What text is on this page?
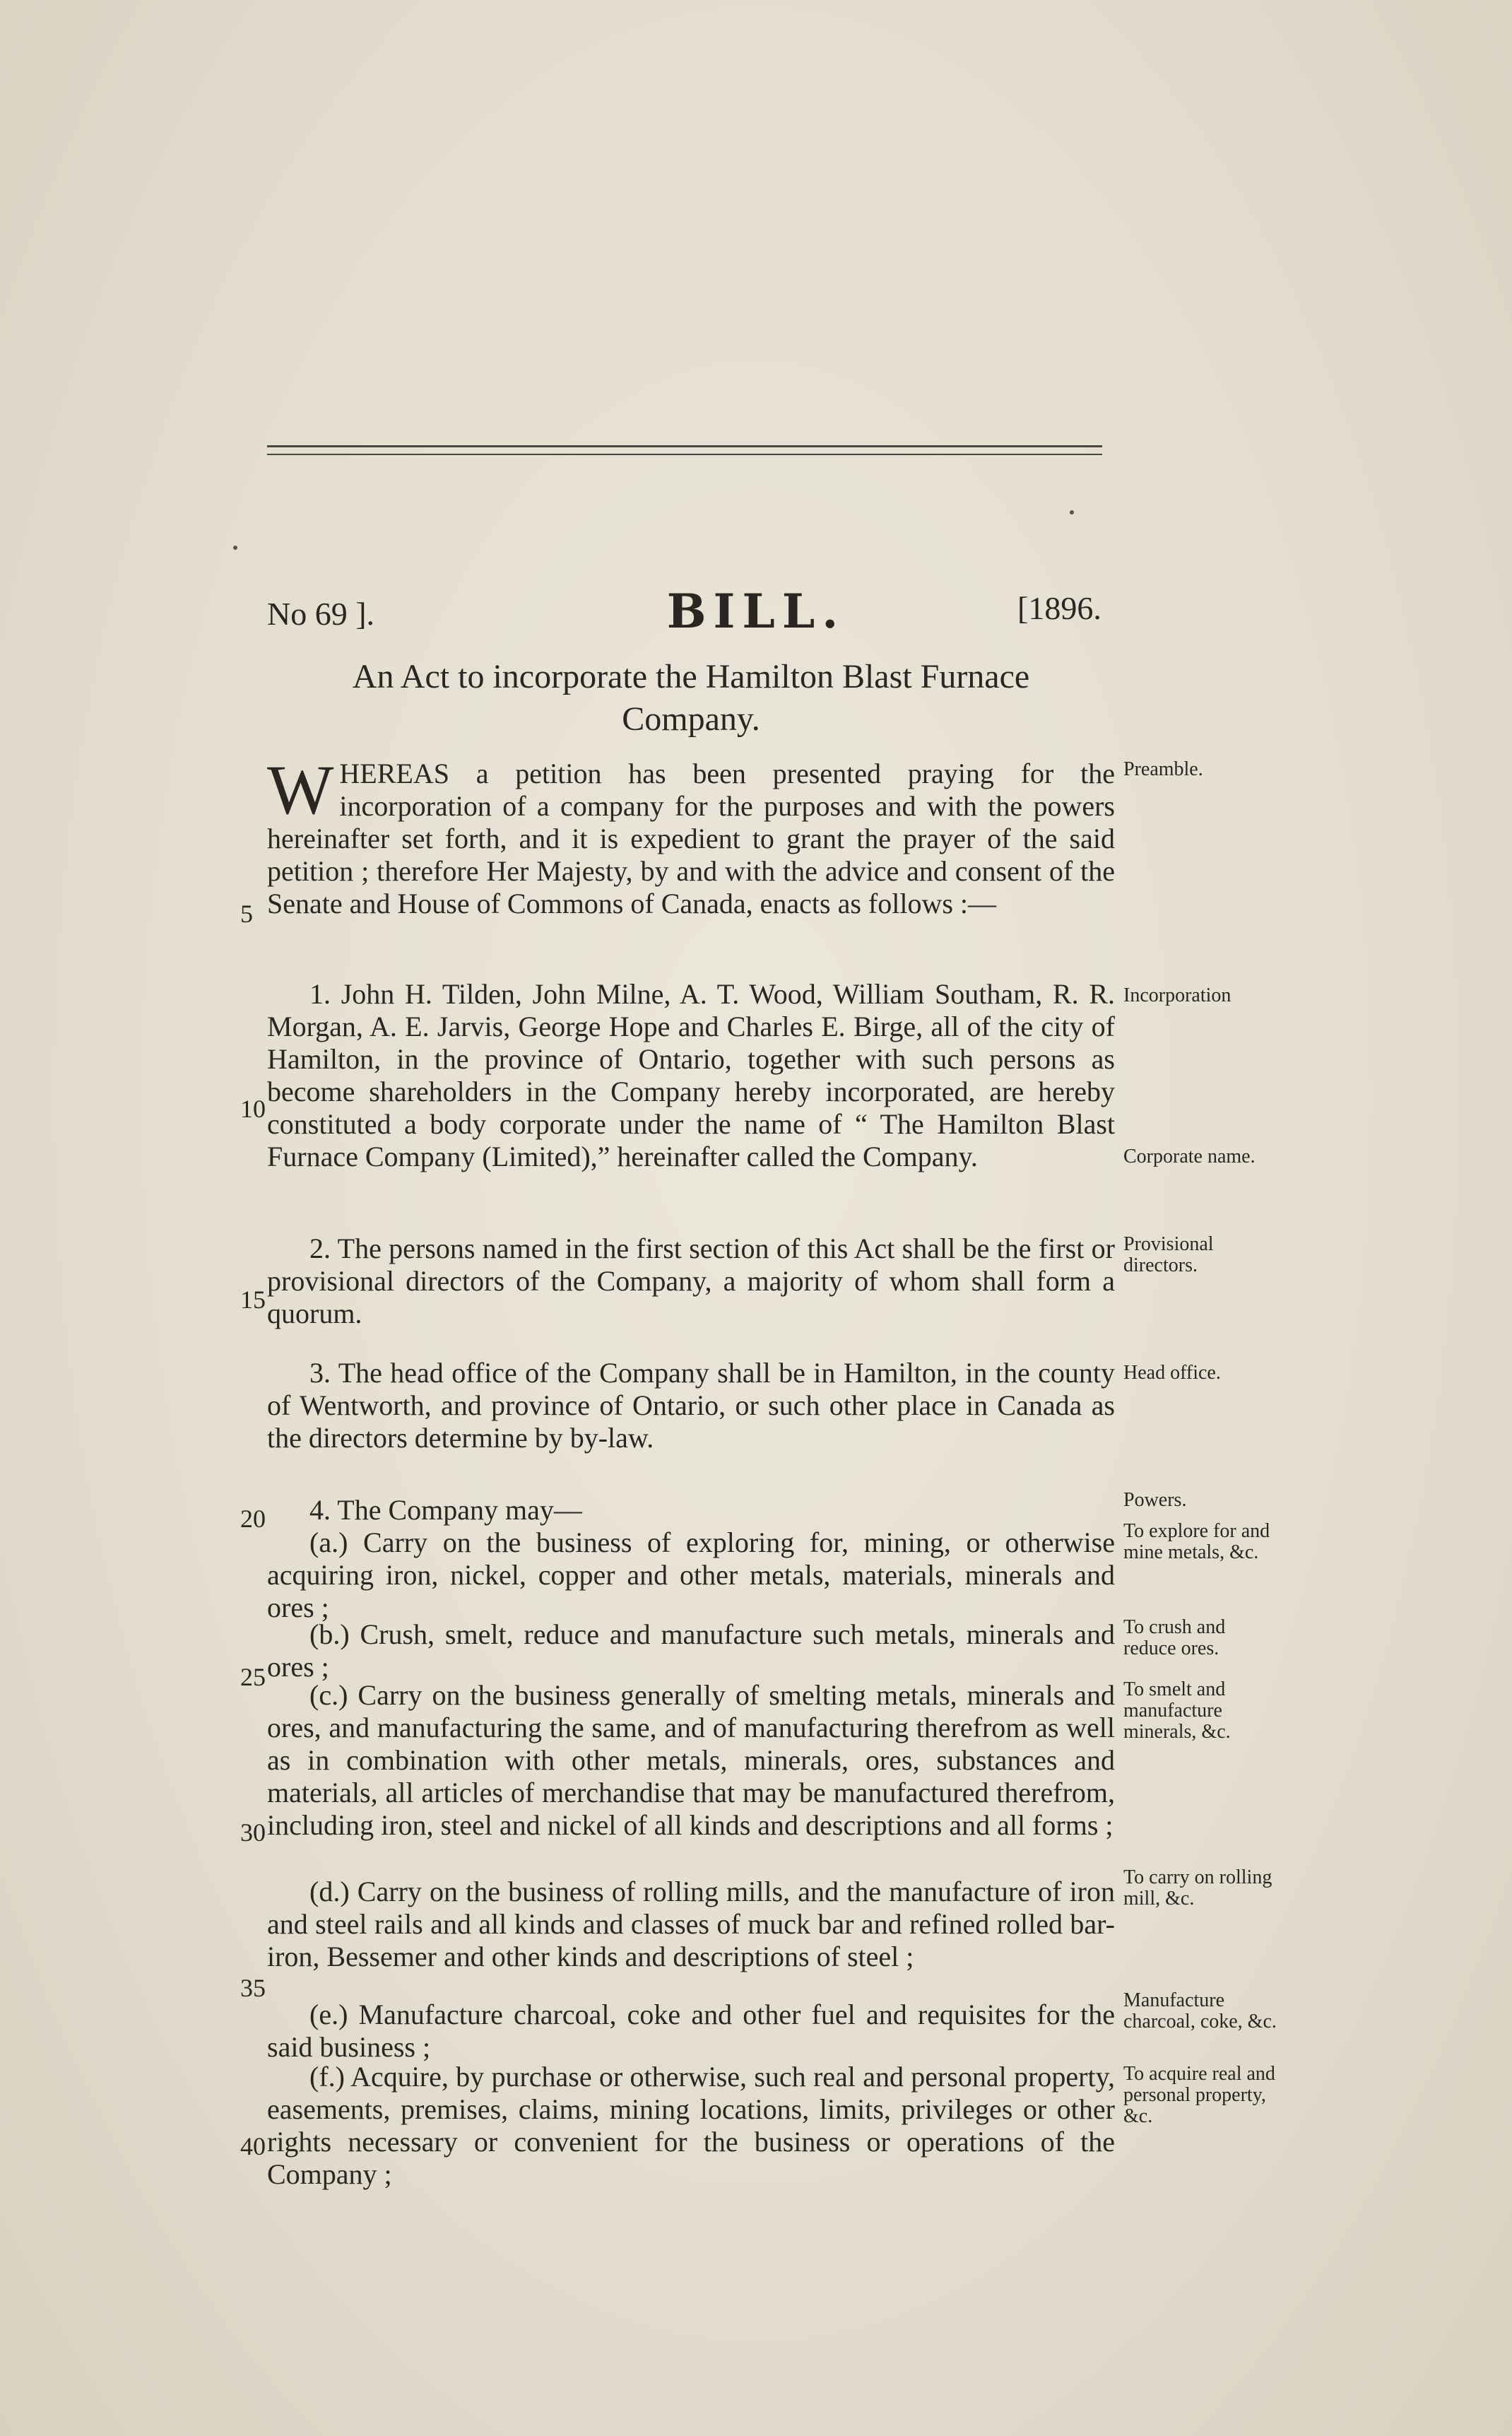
No 69 ].	BILL.	[1896.
An Act to incorporate the Hamilton Blast Furnace
Company.
WHEREAS a petition has been presented praying for the incorporation of a company for the purposes and with the powers hereinafter set forth, and it is expedient to grant the prayer of the said petition ; therefore Her Majesty, by and with the advice and consent of the Senate and House of Commons of Canada, enacts as follows :—
1. John H. Tilden, John Milne, A. T. Wood, William Southam, R. R. Morgan, A. E. Jarvis, George Hope and Charles E. Birge, all of the city of Hamilton, in the province of Ontario, together with such persons as become shareholders in the Company hereby incorporated, are hereby constituted a body corporate under the name of “ The Hamilton Blast Furnace Company (Limited),” hereinafter called the Company.
2. The persons named in the first section of this Act shall be the first or provisional directors of the Company, a majority of whom shall form a quorum.
3. The head office of the Company shall be in Hamilton, in the county of Wentworth, and province of Ontario, or such other place in Canada as the directors determine by by-law.
4. The Company may—
(a.) Carry on the business of exploring for, mining, or otherwise acquiring iron, nickel, copper and other metals, materials, minerals and ores ;
(b.) Crush, smelt, reduce and manufacture such metals, minerals and ores ;
(c.) Carry on the business generally of smelting metals, minerals and ores, and manufacturing the same, and of manufacturing therefrom as well as in combination with other metals, minerals, ores, substances and materials, all articles of merchandise that may be manufactured therefrom, including iron, steel and nickel of all kinds and descriptions and all forms ;
(d.) Carry on the business of rolling mills, and the manufacture of iron and steel rails and all kinds and classes of muck bar and refined rolled bar-iron, Bessemer and other kinds and descriptions of steel ;
(e.) Manufacture charcoal, coke and other fuel and requisites for the said business ;
(f.) Acquire, by purchase or otherwise, such real and personal property, easements, premises, claims, mining locations, limits, privileges or other rights necessary or convenient for the business or operations of the Company ;
5
10
15
20
25
30
35
40
Preamble.
Incorporation
Corporate name.
Provisional directors.
Head office.
Powers.
To explore for and mine metals, &c.
To crush and reduce ores.
To smelt and manufacture minerals, &c.
To carry on rolling mill, &c.
Manufacture charcoal, coke, &c.
To acquire real and personal property, &c.
